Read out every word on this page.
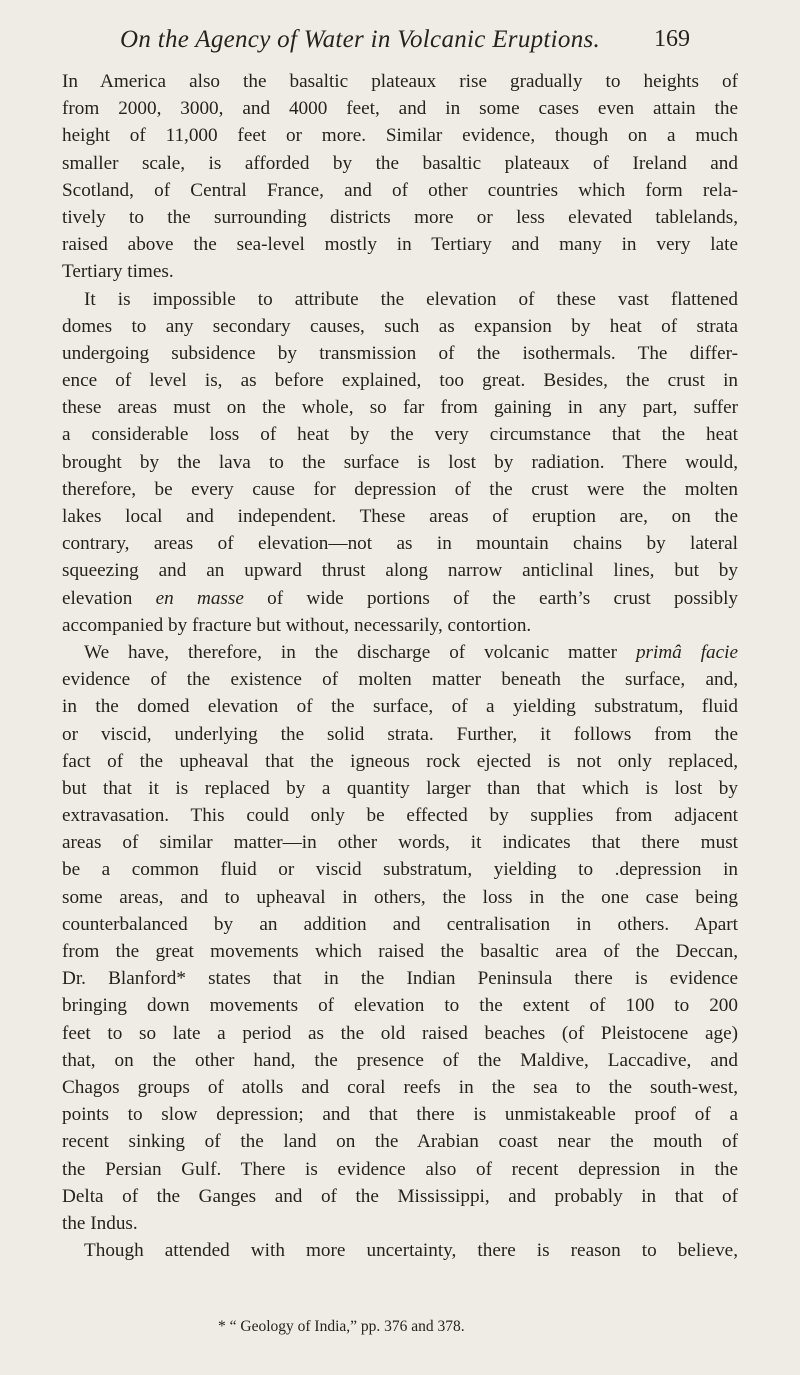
On the Agency of Water in Volcanic Eruptions. 169
In America also the basaltic plateaux rise gradually to heights of
from 2000, 3000, and 4000 feet, and in some cases even attain the
height of 11,000 feet or more. Similar evidence, though on a much
smaller scale, is afforded by the basaltic plateaux of Ireland and
Scotland, of Central France, and of other countries which form rela-
tively to the surrounding districts more or less elevated tablelands,
raised above the sea-level mostly in Tertiary and many in very late
Tertiary times.
It is impossible to attribute the elevation of these vast flattened
domes to any secondary causes, such as expansion by heat of strata
undergoing subsidence by transmission of the isothermals. The differ-
ence of level is, as before explained, too great. Besides, the crust in
these areas must on the whole, so far from gaining in any part, suffer
a considerable loss of heat by the very circumstance that the heat
brought by the lava to the surface is lost by radiation. There would,
therefore, be every cause for depression of the crust were the molten
lakes local and independent. These areas of eruption are, on the
contrary, areas of elevation—not as in mountain chains by lateral
squeezing and an upward thrust along narrow anticlinal lines, but by
elevation en masse of wide portions of the earth’s crust possibly
accompanied by fracture but without, necessarily, contortion.
We have, therefore, in the discharge of volcanic matter primâ facie
evidence of the existence of molten matter beneath the surface, and,
in the domed elevation of the surface, of a yielding substratum, fluid
or viscid, underlying the solid strata. Further, it follows from the
fact of the upheaval that the igneous rock ejected is not only replaced,
but that it is replaced by a quantity larger than that which is lost by
extravasation. This could only be effected by supplies from adjacent
areas of similar matter—in other words, it indicates that there must
be a common fluid or viscid substratum, yielding to .depression in
some areas, and to upheaval in others, the loss in the one case being
counterbalanced by an addition and centralisation in others. Apart
from the great movements which raised the basaltic area of the Deccan,
Dr. Blanford* states that in the Indian Peninsula there is evidence
bringing down movements of elevation to the extent of 100 to 200
feet to so late a period as the old raised beaches (of Pleistocene age)
that, on the other hand, the presence of the Maldive, Laccadive, and
Chagos groups of atolls and coral reefs in the sea to the south-west,
points to slow depression; and that there is unmistakeable proof of a
recent sinking of the land on the Arabian coast near the mouth of
the Persian Gulf. There is evidence also of recent depression in the
Delta of the Ganges and of the Mississippi, and probably in that of
the Indus.
Though attended with more uncertainty, there is reason to believe,
* “ Geology of India,” pp. 376 and 378.
